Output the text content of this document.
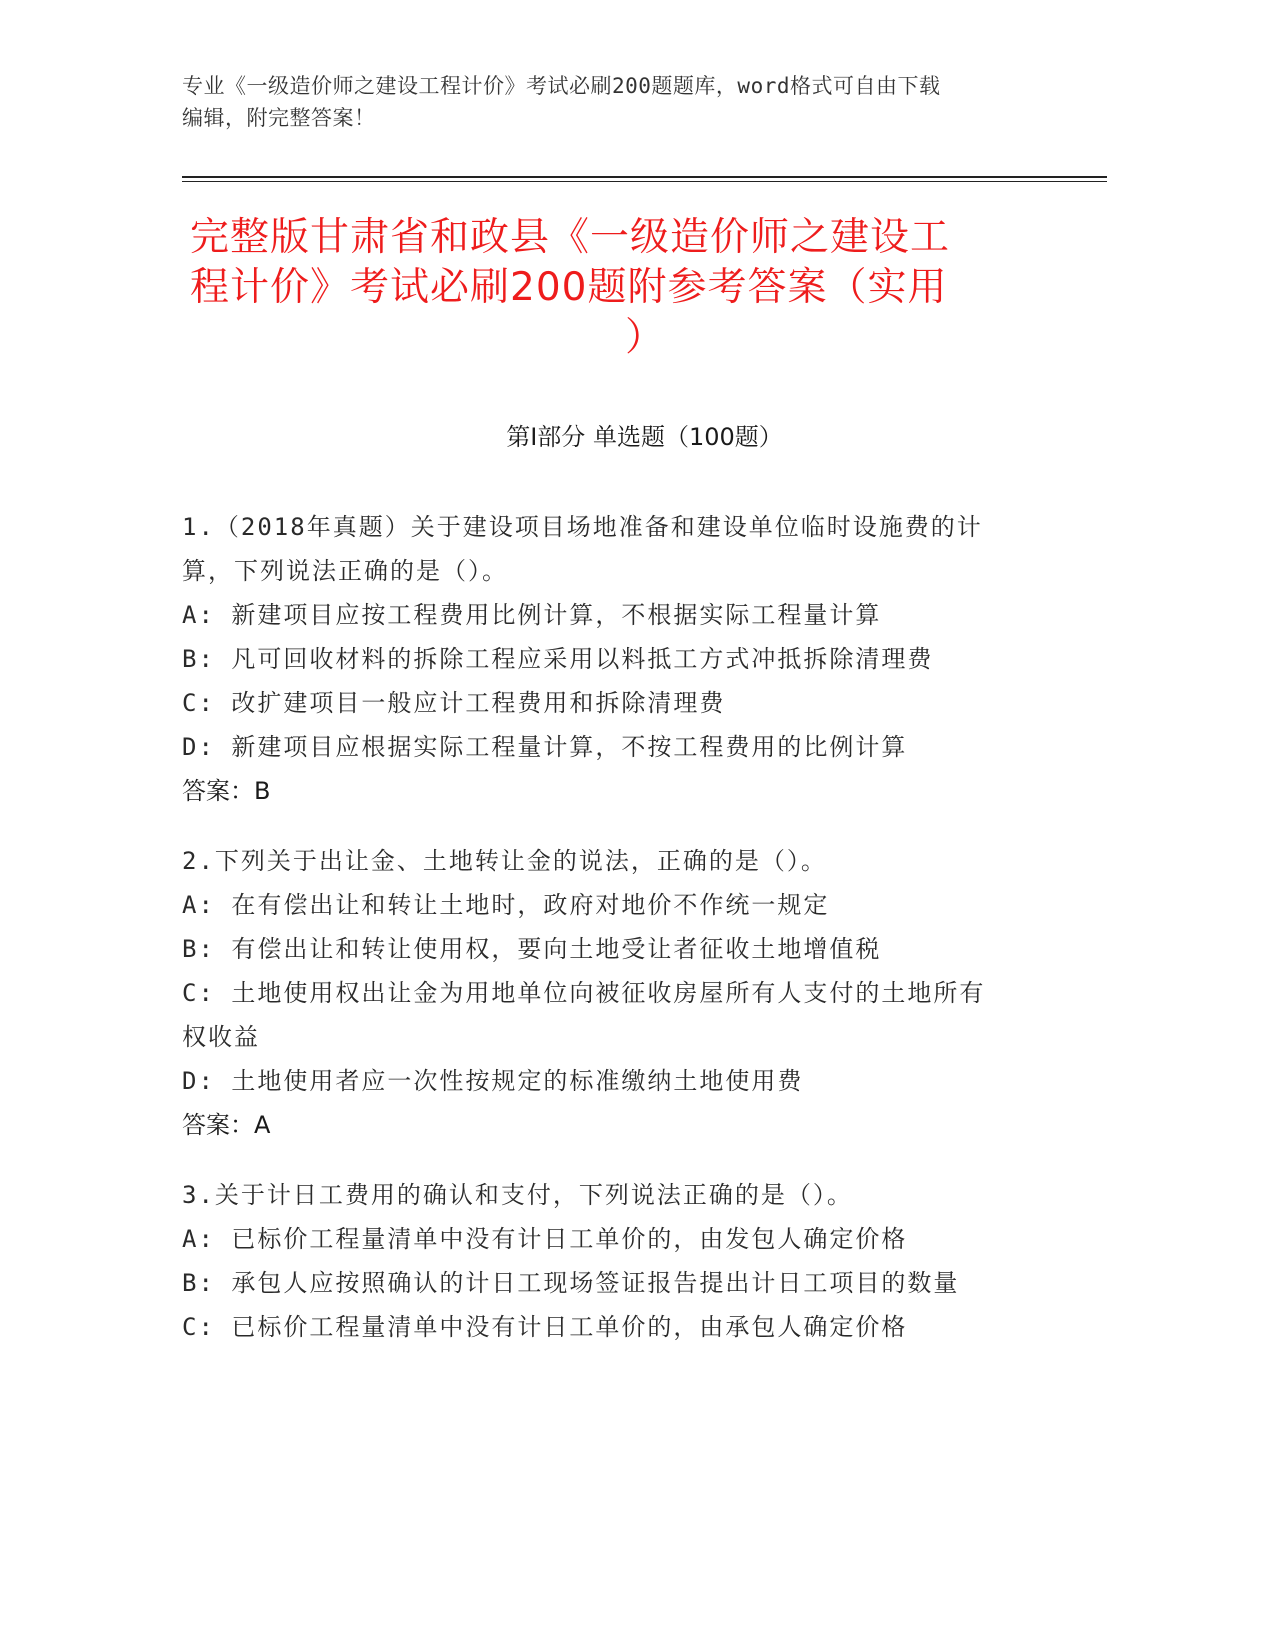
专业《一级造价师之建设工程计价》考试必刷200题题库，word格式可自由下载
编辑，附完整答案！
完整版甘肃省和政县《一级造价师之建设工
程计价》考试必刷200题附参考答案（实用
）
第I部分 单选题（100题）

1.（2018年真题）关于建设项目场地准备和建设单位临时设施费的计

算，下列说法正确的是（）。

A: 新建项目应按工程费用比例计算，不根据实际工程量计算

B: 凡可回收材料的拆除工程应采用以料抵工方式冲抵拆除清理费

C: 改扩建项目一般应计工程费用和拆除清理费

D: 新建项目应根据实际工程量计算，不按工程费用的比例计算

答案：B

2.下列关于出让金、土地转让金的说法，正确的是（）。

A: 在有偿出让和转让土地时，政府对地价不作统一规定

B: 有偿出让和转让使用权，要向土地受让者征收土地增值税

C: 土地使用权出让金为用地单位向被征收房屋所有人支付的土地所有

权收益

D: 土地使用者应一次性按规定的标准缴纳土地使用费

答案：A

3.关于计日工费用的确认和支付，下列说法正确的是（）。

A: 已标价工程量清单中没有计日工单价的，由发包人确定价格

B: 承包人应按照确认的计日工现场签证报告提出计日工项目的数量

C: 已标价工程量清单中没有计日工单价的，由承包人确定价格
